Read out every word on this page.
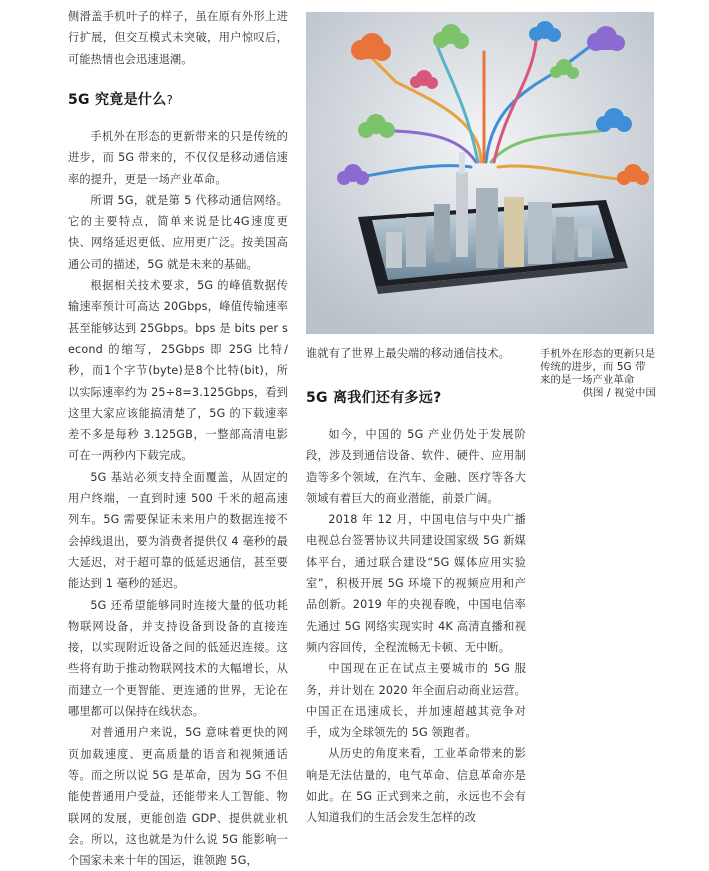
侧滑盖手机叶子的样子，虽在原有外形上进行扩展，但交互模式未突破，用户惊叹后，可能热情也会迅速退潮。

5G 究竟是什么?

手机外在形态的更新带来的只是传统的进步，而 5G 带来的，不仅仅是移动通信速率的提升，更是一场产业革命。

所谓 5G，就是第 5 代移动通信网络。它的主要特点，简单来说是比4G速度更快、网络延迟更低、应用更广泛。按美国高通公司的描述，5G 就是未来的基础。

根据相关技术要求，5G 的峰值数据传输速率预计可高达 20Gbps，峰值传输速率甚至能够达到 25Gbps。bps 是 bits per second 的缩写，25Gbps 即 25G 比特/秒，而1个字节(byte)是8个比特(bit)，所以实际速率约为 25÷8=3.125Gbps，看到这里大家应该能搞清楚了，5G 的下载速率差不多是每秒 3.125GB，一整部高清电影可在一两秒内下载完成。

5G 基站必须支持全面覆盖，从固定的用户终端，一直到时速 500 千米的超高速列车。5G 需要保证未来用户的数据连接不会掉线退出，要为消费者提供仅 4 毫秒的最大延迟，对于超可靠的低延迟通信，甚至要能达到 1 毫秒的延迟。

5G 还希望能够同时连接大量的低功耗物联网设备，并支持设备到设备的直接连接，以实现附近设备之间的低延迟连接。这些将有助于推动物联网技术的大幅增长，从而建立一个更智能、更连通的世界，无论在哪里都可以保持在线状态。

对普通用户来说，5G 意味着更快的网页加载速度、更高质量的语音和视频通话等。而之所以说 5G 是革命，因为 5G 不但能使普通用户受益，还能带来人工智能、物联网的发展，更能创造 GDP、提供就业机会。所以，这也就是为什么说 5G 能影响一个国家未来十年的国运，谁领跑 5G，

手机外在形态的更新只是传统的进步，而 5G 带来的是一场产业革命
供图 / 视觉中国

谁就有了世界上最尖端的移动通信技术。

5G 离我们还有多远?

如今，中国的 5G 产业仍处于发展阶段，涉及到通信设备、软件、硬件、应用制造等多个领域，在汽车、金融、医疗等各大领域有着巨大的商业潜能，前景广阔。

2018 年 12 月，中国电信与中央广播电视总台签署协议共同建设国家级 5G 新媒体平台，通过联合建设“5G 媒体应用实验室”，积极开展 5G 环境下的视频应用和产品创新。2019 年的央视春晚，中国电信率先通过 5G 网络实现实时 4K 高清直播和视频内容回传，全程流畅无卡顿、无中断。

中国现在正在试点主要城市的 5G 服务，并计划在 2020 年全面启动商业运营。中国正在迅速成长，并加速超越其竞争对手，成为全球领先的 5G 领跑者。

从历史的角度来看，工业革命带来的影响是无法估量的，电气革命、信息革命亦是如此。在 5G 正式到来之前，永远也不会有人知道我们的生活会发生怎样的改
